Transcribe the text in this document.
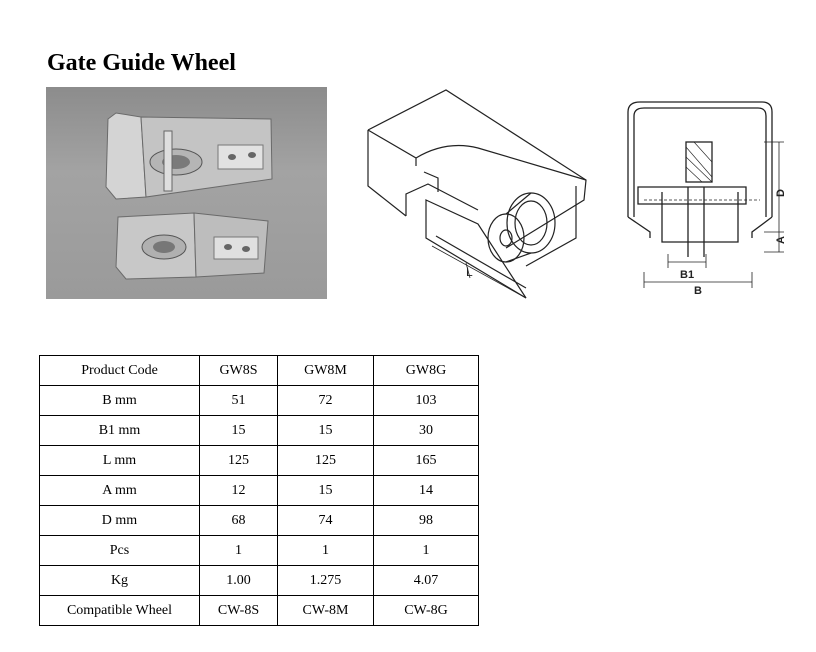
Gate Guide Wheel
L
D
A
B1
B
Product Code	GW8S	GW8M	GW8G
B mm	51	72	103
B1 mm	15	15	30
L mm	125	125	165
A mm	12	15	14
D mm	68	74	98
Pcs	1	1	1
Kg	1.00	1.275	4.07
Compatible Wheel	CW-8S	CW-8M	CW-8G
